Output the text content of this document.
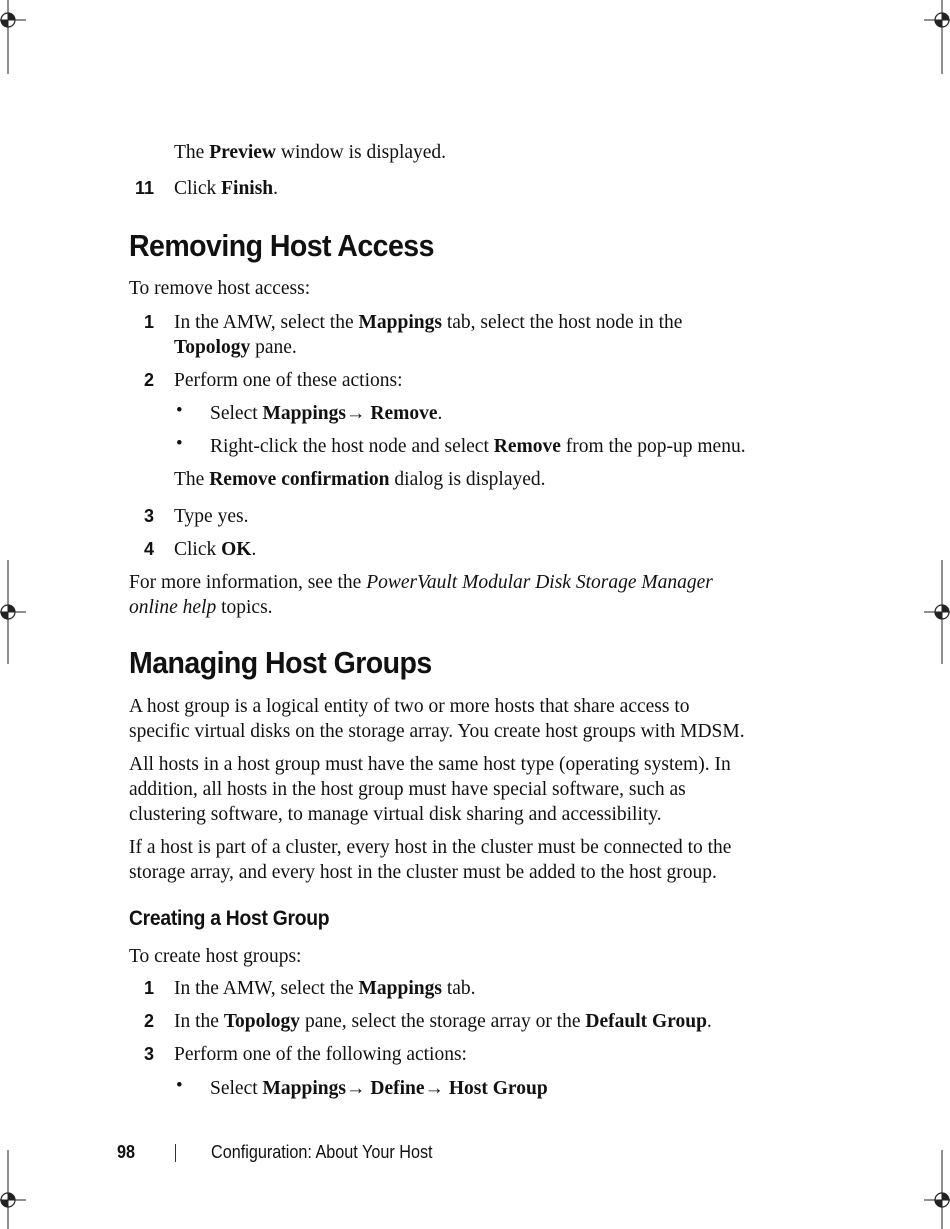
The Preview window is displayed.
11 Click Finish.
Removing Host Access
To remove host access:
1 In the AMW, select the Mappings tab, select the host node in the
Topology pane.
2 Perform one of these actions:
• Select Mappings→ Remove.
• Right-click the host node and select Remove from the pop-up menu.
The Remove confirmation dialog is displayed.
3 Type yes.
4 Click OK.
For more information, see the PowerVault Modular Disk Storage Manager
online help topics.
Managing Host Groups
A host group is a logical entity of two or more hosts that share access to
specific virtual disks on the storage array. You create host groups with MDSM.
All hosts in a host group must have the same host type (operating system). In
addition, all hosts in the host group must have special software, such as
clustering software, to manage virtual disk sharing and accessibility.
If a host is part of a cluster, every host in the cluster must be connected to the
storage array, and every host in the cluster must be added to the host group.
Creating a Host Group
To create host groups:
1 In the AMW, select the Mappings tab.
2 In the Topology pane, select the storage array or the Default Group.
3 Perform one of the following actions:
• Select Mappings→ Define→ Host Group
98	Configuration: About Your Host
